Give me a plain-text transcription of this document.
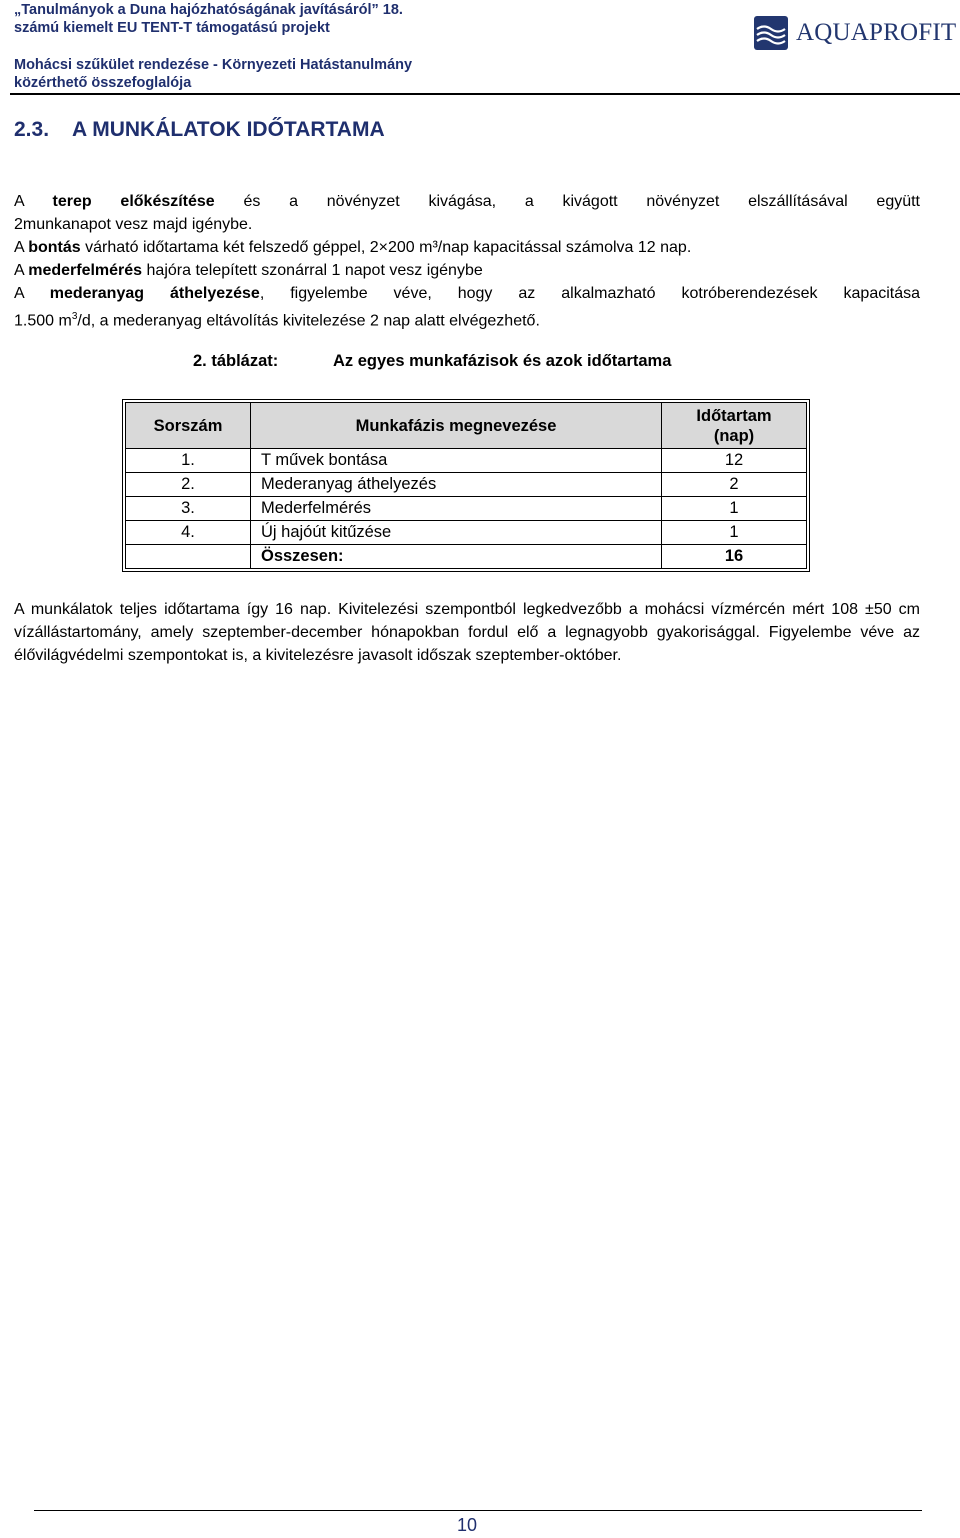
„Tanulmányok a Duna hajózhatóságának javításáról” 18.
számú kiemelt EU TENT-T támogatású projekt
Mohácsi szűkület rendezése - Környezeti Hatástanulmány
közérthető összefoglalója
AQUAPROFIT
2.3. A MUNKÁLATOK IDŐTARTAMA
A terep előkészítése és a növényzet kivágása, a kivágott növényzet elszállításával együtt
2munkanapot vesz majd igénybe.
A bontás várható időtartama két felszedő géppel, 2×200 m³/nap kapacitással számolva 12 nap.
A mederfelmérés hajóra telepített szonárral 1 napot vesz igénybe
A mederanyag áthelyezése, figyelembe véve, hogy az alkalmazható kotróberendezések kapacitása
1.500 $m^3/d$, a mederanyag eltávolítás kivitelezése 2 nap alatt elvégezhető.
2. táblázat:	Az egyes munkafázisok és azok időtartama
Sorszám	Munkafázis megnevezése	Időtartam (nap)
1.	T művek bontása	12
2.	Mederanyag áthelyezés	2
3.	Mederfelmérés	1
4.	Új hajóút kitűzése	1
	Összesen:	16
A munkálatok teljes időtartama így 16 nap. Kivitelezési szempontból legkedvezőbb a mohácsi vízmércén mért 108 ±50 cm vízállástartomány, amely szeptember-december hónapokban fordul elő a legnagyobb gyakorisággal. Figyelembe véve az élővilágvédelmi szempontokat is, a kivitelezésre javasolt időszak szeptember-október.
10
